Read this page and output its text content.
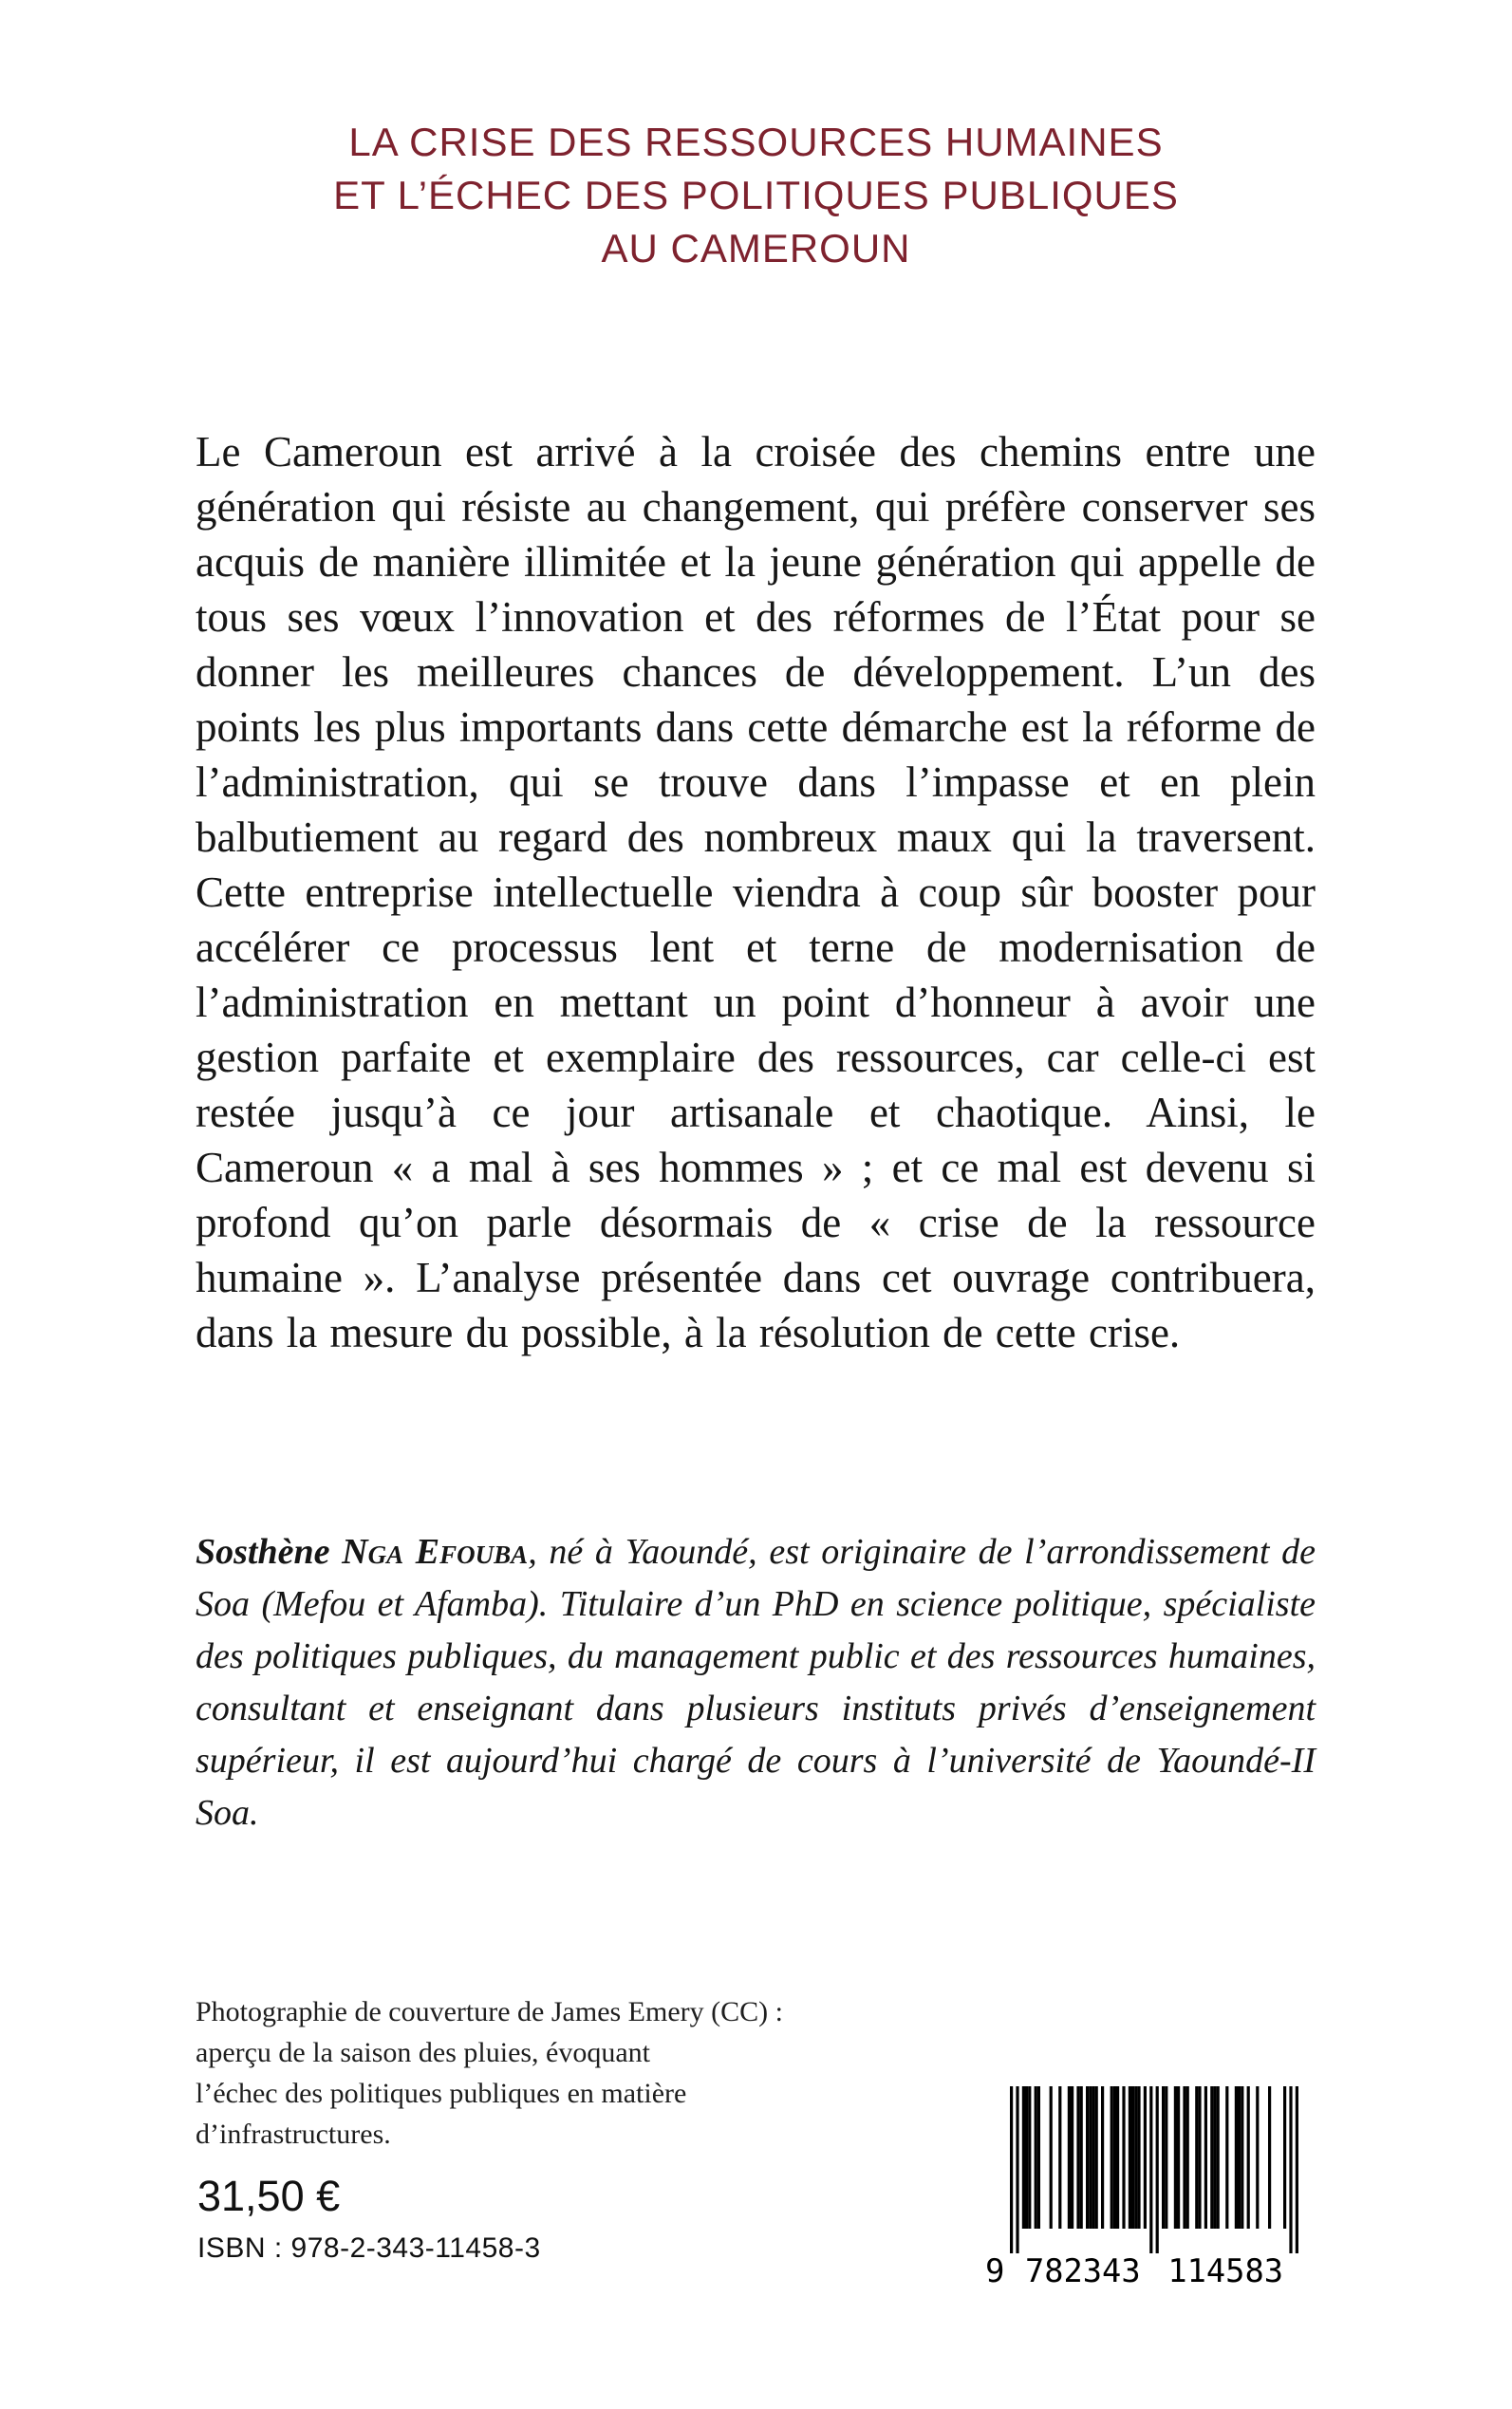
LA CRISE DES RESSOURCES HUMAINES
ET L’ÉCHEC DES POLITIQUES PUBLIQUES
AU CAMEROUN

Le Cameroun est arrivé à la croisée des chemins entre une génération qui résiste au changement, qui préfère conserver ses acquis de manière illimitée et la jeune génération qui appelle de tous ses vœux l’innovation et des réformes de l’État pour se donner les meilleures chances de développement. L’un des points les plus importants dans cette démarche est la réforme de l’administration, qui se trouve dans l’impasse et en plein balbutiement au regard des nombreux maux qui la traversent. Cette entreprise intellectuelle viendra à coup sûr booster pour accélérer ce processus lent et terne de modernisation de l’administration en mettant un point d’honneur à avoir une gestion parfaite et exemplaire des ressources, car celle-ci est restée jusqu’à ce jour artisanale et chaotique. Ainsi, le Cameroun « a mal à ses hommes » ; et ce mal est devenu si profond qu’on parle désormais de « crise de la ressource humaine ». L’analyse présentée dans cet ouvrage contribuera, dans la mesure du possible, à la résolution de cette crise.

Sosthène Nga Efouba, né à Yaoundé, est originaire de l’arrondissement de Soa (Mefou et Afamba). Titulaire d’un PhD en science politique, spécialiste des politiques publiques, du management public et des ressources humaines, consultant et enseignant dans plusieurs instituts privés d’enseignement supérieur, il est aujourd’hui chargé de cours à l’université de Yaoundé-II Soa.

Photographie de couverture de James Emery (CC) :
aperçu de la saison des pluies, évoquant
l’échec des politiques publiques en matière
d’infrastructures.
31,50 €
ISBN : 978-2-343-11458-3
9 782343 114583
